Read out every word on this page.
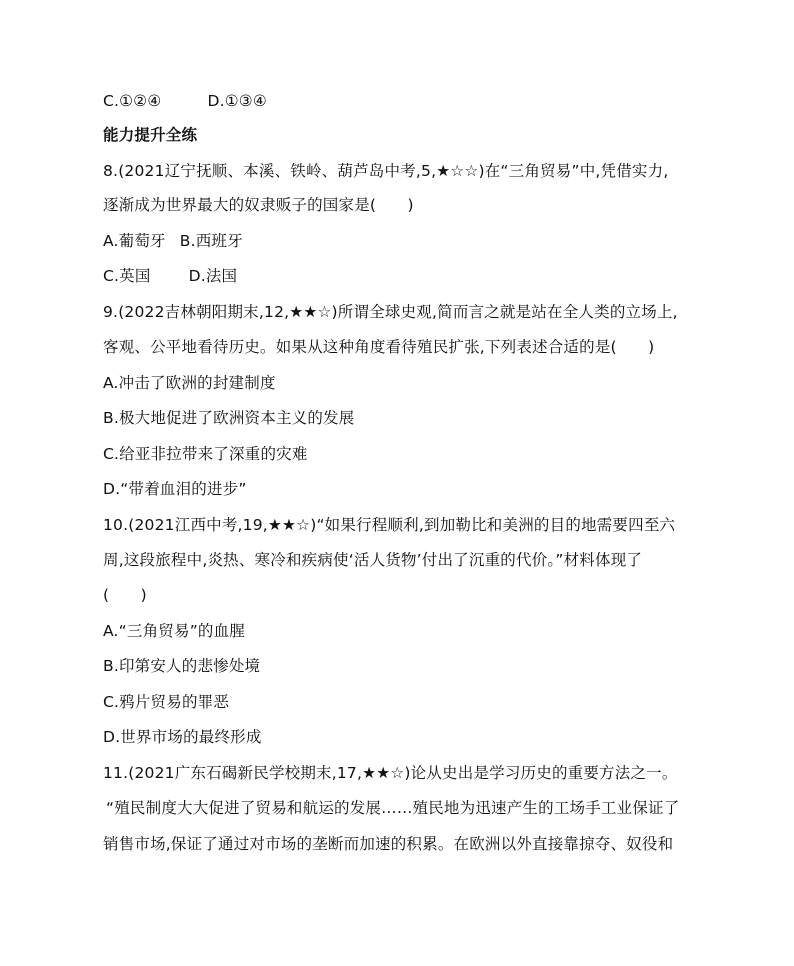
C.①②④	D.①③④
能力提升全练
8.(2021辽宁抚顺、本溪、铁岭、葫芦岛中考,5,★☆☆)在“三角贸易”中,凭借实力,
逐渐成为世界最大的奴隶贩子的国家是(　　)
A.葡萄牙 B.西班牙
C.英国 D.法国
9.(2022吉林朝阳期末,12,★★☆)所谓全球史观,简而言之就是站在全人类的立场上,
客观、公平地看待历史。如果从这种角度看待殖民扩张,下列表述合适的是(　　)
A.冲击了欧洲的封建制度
B.极大地促进了欧洲资本主义的发展
C.给亚非拉带来了深重的灾难
D.“带着血泪的进步”
10.(2021江西中考,19,★★☆)“如果行程顺利,到加勒比和美洲的目的地需要四至六
周,这段旅程中,炎热、寒冷和疾病使‘活人货物’付出了沉重的代价。”材料体现了
(　　)
A.“三角贸易”的血腥
B.印第安人的悲惨处境
C.鸦片贸易的罪恶
D.世界市场的最终形成
11.(2021广东石碣新民学校期末,17,★★☆)论从史出是学习历史的重要方法之一。
“殖民制度大大促进了贸易和航运的发展……殖民地为迅速产生的工场手工业保证了
销售市场,保证了通过对市场的垄断而加速的积累。在欧洲以外直接靠掠夺、奴役和
